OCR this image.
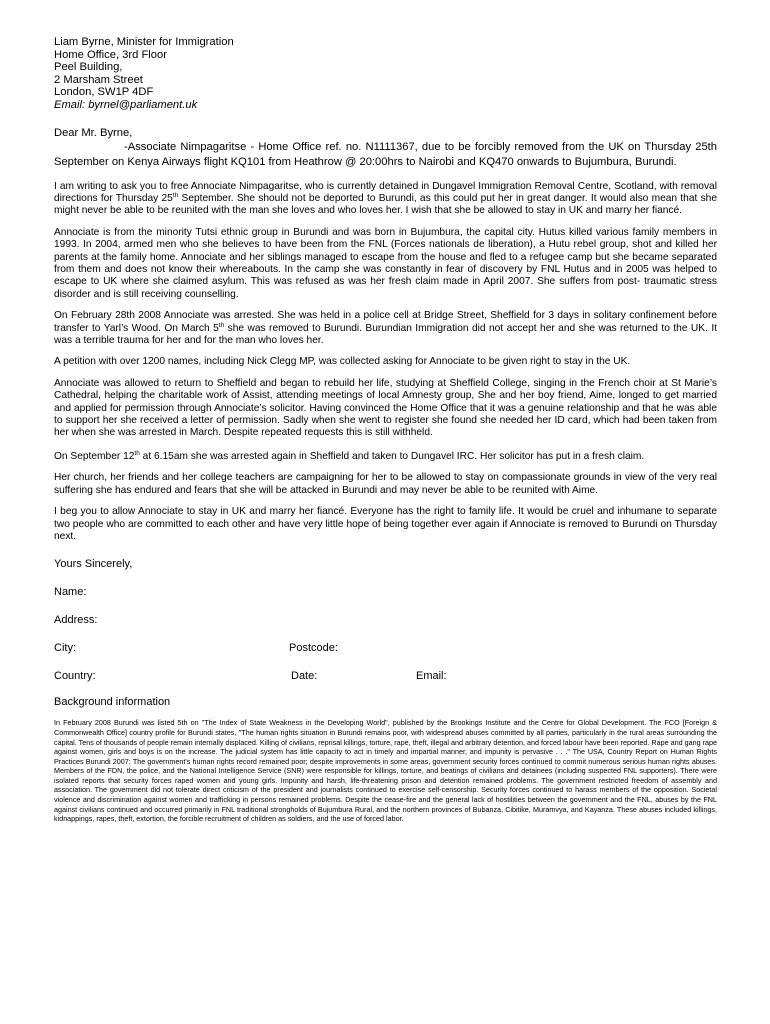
Liam Byrne, Minister for Immigration

Home Office, 3rd Floor

Peel Building,

2 Marsham Street

London, SW1P 4DF

Email: byrnel@parliament.uk

Dear Mr. Byrne,

-Associate Nimpagaritse - Home Office ref. no. N1111367, due to be forcibly removed from the UK on Thursday 25th September on Kenya Airways flight KQ101 from Heathrow @ 20:00hrs to Nairobi and KQ470 onwards to Bujumbura, Burundi.

I am writing to ask you to free Annociate Nimpagaritse, who is currently detained in Dungavel Immigration Removal Centre, Scotland, with removal directions for Thursday 25th September. She should not be deported to Burundi, as this could put her in great danger. It would also mean that she might never be able to be reunited with the man she loves and who loves her. I wish that she be allowed to stay in UK and marry her fiancé.

Annociate is from the minority Tutsi ethnic group in Burundi and was born in Bujumbura, the capital city. Hutus killed various family members in 1993. In 2004, armed men who she believes to have been from the FNL (Forces nationals de liberation), a Hutu rebel group, shot and killed her parents at the family home. Annociate and her siblings managed to escape from the house and fled to a refugee camp but she became separated from them and does not know their whereabouts. In the camp she was constantly in fear of discovery by FNL Hutus and in 2005 was helped to escape to UK where she claimed asylum. This was refused as was her fresh claim made in April 2007. She suffers from post- traumatic stress disorder and is still receiving counselling.

On February 28th 2008 Annociate was arrested. She was held in a police cell at Bridge Street, Sheffield for 3 days in solitary confinement before transfer to Yarl’s Wood. On March 5th she was removed to Burundi. Burundian Immigration did not accept her and she was returned to the UK. It was a terrible trauma for her and for the man who loves her.

A petition with over 1200 names, including Nick Clegg MP, was collected asking for Annociate to be given right to stay in the UK.

Annociate was allowed to return to Sheffield and began to rebuild her life, studying at Sheffield College, singing in the French choir at St Marie’s Cathedral, helping the charitable work of Assist, attending meetings of local Amnesty group, She and her boy friend, Aime, longed to get married and applied for permission through Annociate’s solicitor. Having convinced the Home Office that it was a genuine relationship and that he was able to support her she received a letter of permission. Sadly when she went to register she found she needed her ID card, which had been taken from her when she was arrested in March. Despite repeated requests this is still withheld.

On September 12th at 6.15am she was arrested again in Sheffield and taken to Dungavel IRC. Her solicitor has put in a fresh claim.

Her church, her friends and her college teachers are campaigning for her to be allowed to stay on compassionate grounds in view of the very real suffering she has endured and fears that she will be attacked in Burundi and may never be able to be reunited with Aime.

I beg you to allow Annociate to stay in UK and marry her fiancé. Everyone has the right to family life. It would be cruel and inhumane to separate two people who are committed to each other and have very little hope of being together ever again if Annociate is removed to Burundi on Thursday next.

Yours Sincerely,
Name:
Address:
City:	Postcode:
Country:	Date:	Email:
Background information

In February 2008 Burundi was listed 5th on "The Index of State Weakness in the Developing World", published by the Brookings Institute and the Centre for Global Development. The FCO [Foreign & Commonwealth Office] country profile for Burundi states, "The human rights situation in Burundi remains poor, with widespread abuses committed by all parties, particularly in the rural areas surrounding the capital. Tens of thousands of people remain internally displaced. Killing of civilians, reprisal killings, torture, rape, theft, illegal and arbitrary detention, and forced labour have been reported. Rape and gang rape against women, girls and boys is on the increase. The judicial system has little capacity to act in timely and impartial manner, and impunity is pervasive . . ." The USA, Country Report on Human Rights Practices Burundi 2007: The government's human rights record remained poor; despite improvements in some areas, government security forces continued to commit numerous serious human rights abuses. Members of the FDN, the police, and the National Intelligence Service (SNR) were responsible for killings, torture, and beatings of civilians and detainees (including suspected FNL supporters). There were isolated reports that security forces raped women and young girls. Impunity and harsh, life-threatening prison and detention remained problems. The government restricted freedom of assembly and association. The government did not tolerate direct criticism of the president and journalists continued to exercise self-censorship. Security forces continued to harass members of the opposition. Societal violence and discrimination against women and trafficking in persons remained problems. Despite the cease-fire and the general lack of hostilities between the government and the FNL, abuses by the FNL against civilians continued and occurred primarily in FNL traditional strongholds of Bujumbura Rural, and the northern provinces of Bubanza, Cibitike, Muramvya, and Kayanza. These abuses included killings, kidnappings, rapes, theft, extortion, the forcible recruitment of children as soldiers, and the use of forced labor.
